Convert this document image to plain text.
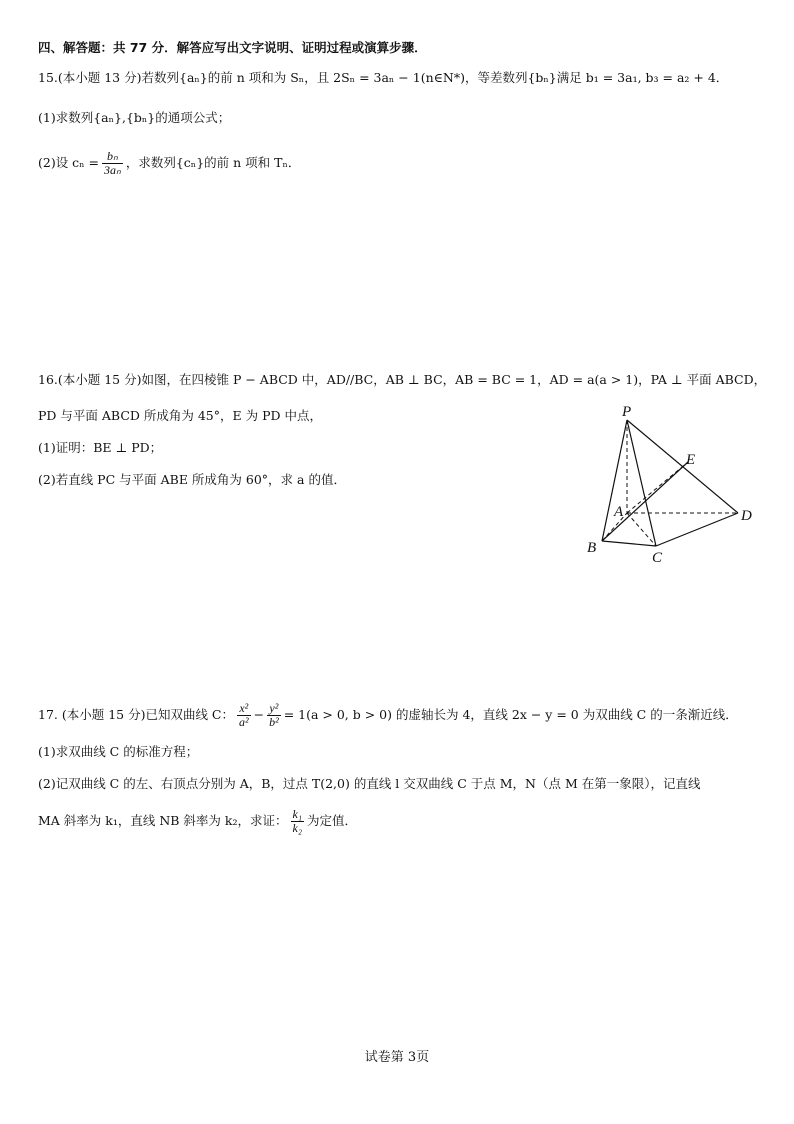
四、解答题：共 77 分．解答应写出文字说明、证明过程或演算步骤．
15.(本小题 13 分)若数列{aₙ}的前 n 项和为 Sₙ，且 2Sₙ = 3aₙ − 1(n∈N*)，等差数列{bₙ}满足 b₁ = 3a₁, b₃ = a₂ + 4．
(1)求数列{aₙ},{bₙ}的通项公式；
(2)设 $c_n = \frac{\text{bₙ}}{\text{3aₙ}}$ ，求数列{cₙ}的前 n 项和 Tₙ．
16.(本小题 15 分)如图，在四棱锥 P − ABCD 中，AD//BC，AB ⊥ BC，AB = BC = 1，AD = a(a > 1)，PA ⊥ 平面 ABCD，
PD 与平面 ABCD 所成角为 45°，E 为 PD 中点，
(1)证明：BE ⊥ PD；
(2)若直线 PC 与平面 ABE 所成角为 60°，求 a 的值．
P
E
A	D
B
C
17. (本小题 15 分)已知双曲线 C： $\frac{\text{x²}}{\text{a²}} - \frac{\text{y²}}{\text{b²}} = 1(a > 0$, b > 0) 的虚轴长为 4，直线 2x − y = 0 为双曲线 C 的一条渐近线．
(1)求双曲线 C 的标准方程；
(2)记双曲线 C 的左、右顶点分别为 A，B，过点 T(2,0) 的直线 l 交双曲线 C 于点 M，N（点 M 在第一象限），记直线
MA 斜率为 k₁，直线 NB 斜率为 k₂，求证： $\frac{\text{k₁}}{\text{k₂}}$ 为定值．
试卷第 3页
